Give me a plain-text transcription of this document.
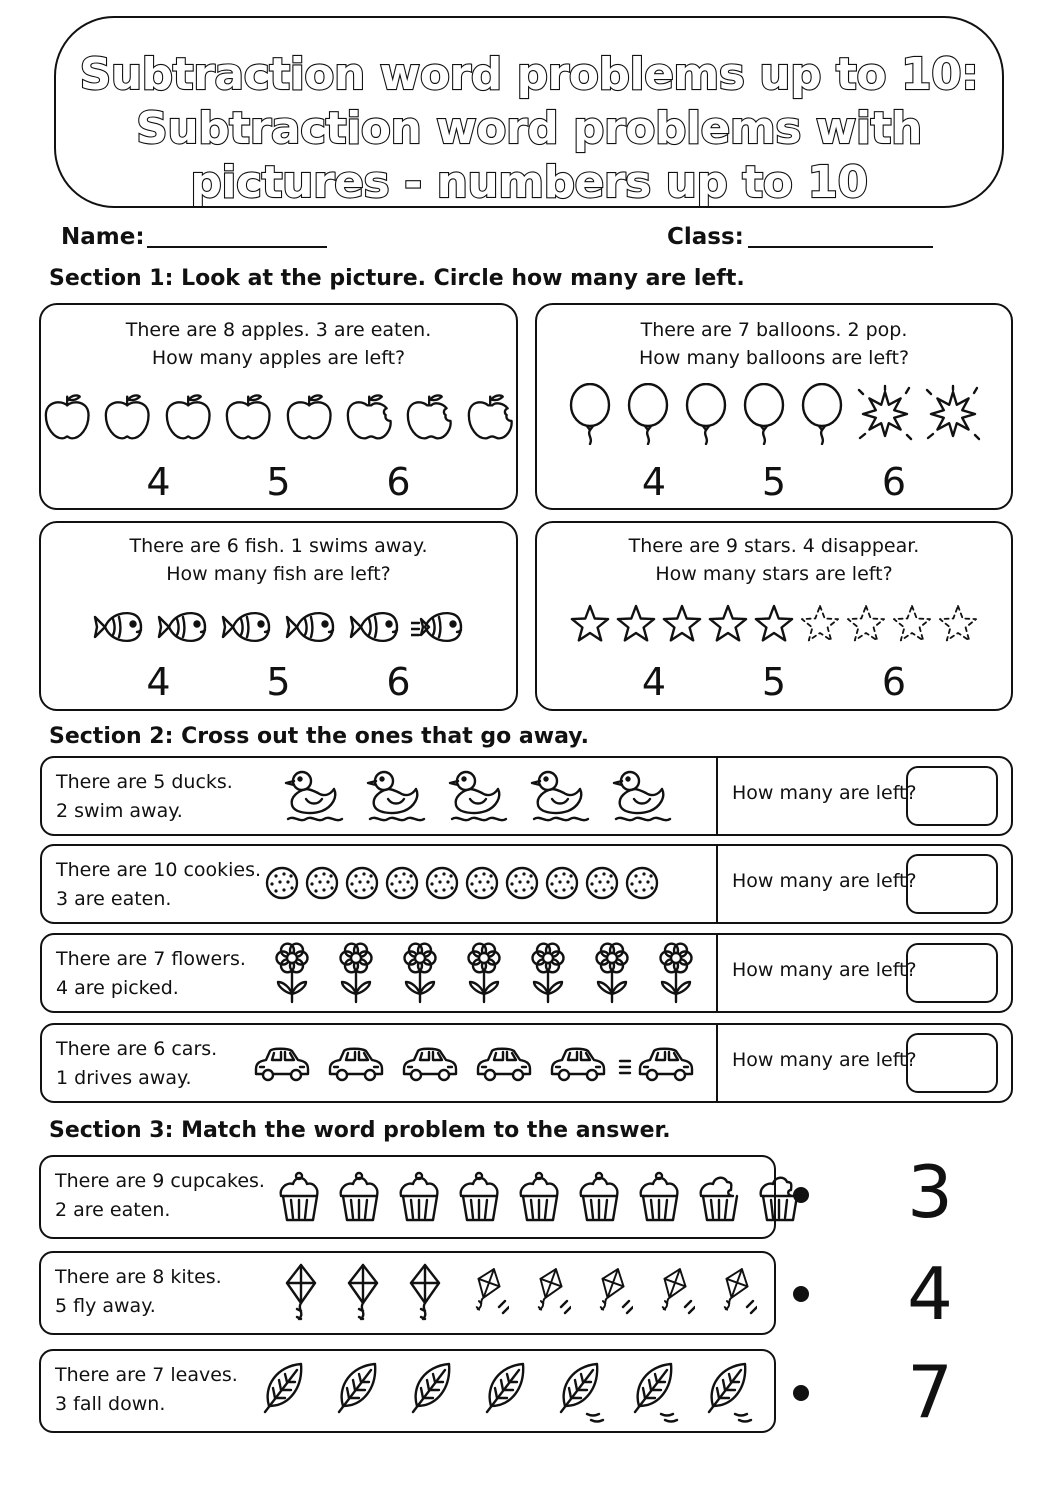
Subtraction word problems up to 10:
Subtraction word problems with
pictures - numbers up to 10
Name:	Class:
Section 1: Look at the picture. Circle how many are left.
There are 8 apples. 3 are eaten.
How many apples are left?
4	5	6
There are 7 balloons. 2 pop.
How many balloons are left?
4	5	6
There are 6 fish. 1 swims away.
How many fish are left?
4	5	6
There are 9 stars. 4 disappear.
How many stars are left?
4	5	6
Section 2: Cross out the ones that go away.
There are 5 ducks.
2 swim away.
How many are left?
There are 10 cookies.
3 are eaten.
How many are left?
There are 7 flowers.
4 are picked.
How many are left?
There are 6 cars.
1 drives away.
How many are left?
Section 3: Match the word problem to the answer.
There are 9 cupcakes.
2 are eaten.
There are 8 kites.
5 fly away.
There are 7 leaves.
3 fall down.
3
4
7
